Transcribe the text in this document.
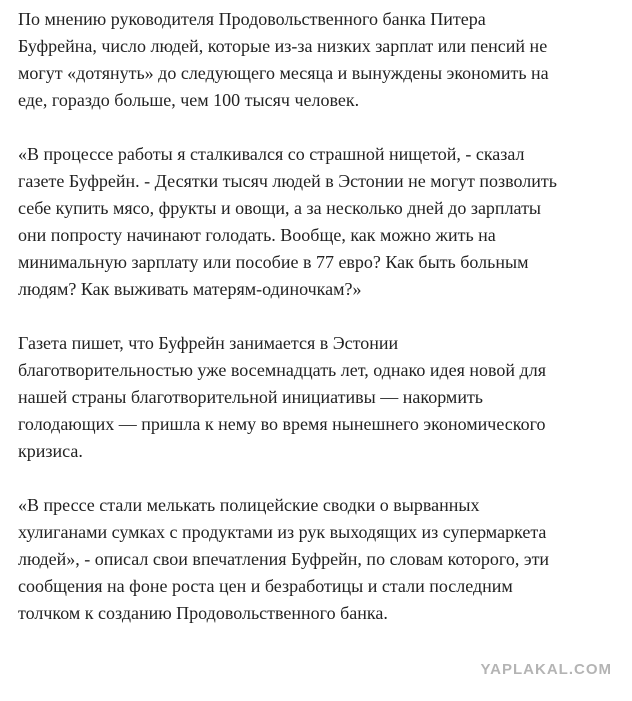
По мнению руководителя Продовольственного банка Питера
Буфрейна, число людей, которые из-за низких зарплат или пенсий не
могут «дотянуть» до следующего месяца и вынуждены экономить на
еде, гораздо больше, чем 100 тысяч человек.

«В процессе работы я сталкивался со страшной нищетой, - сказал
газете Буфрейн. - Десятки тысяч людей в Эстонии не могут позволить
себе купить мясо, фрукты и овощи, а за несколько дней до зарплаты
они попросту начинают голодать. Вообще, как можно жить на
минимальную зарплату или пособие в 77 евро? Как быть больным
людям? Как выживать матерям-одиночкам?»

Газета пишет, что Буфрейн занимается в Эстонии
благотворительностью уже восемнадцать лет, однако идея новой для
нашей страны благотворительной инициативы — накормить
голодающих — пришла к нему во время нынешнего экономического
кризиса.

«В прессе стали мелькать полицейские сводки о вырванных
хулиганами сумках с продуктами из рук выходящих из супермаркета
людей», - описал свои впечатления Буфрейн, по словам которого, эти
сообщения на фоне роста цен и безработицы и стали последним
толчком к созданию Продовольственного банка.

YAPLAKAL.COM
